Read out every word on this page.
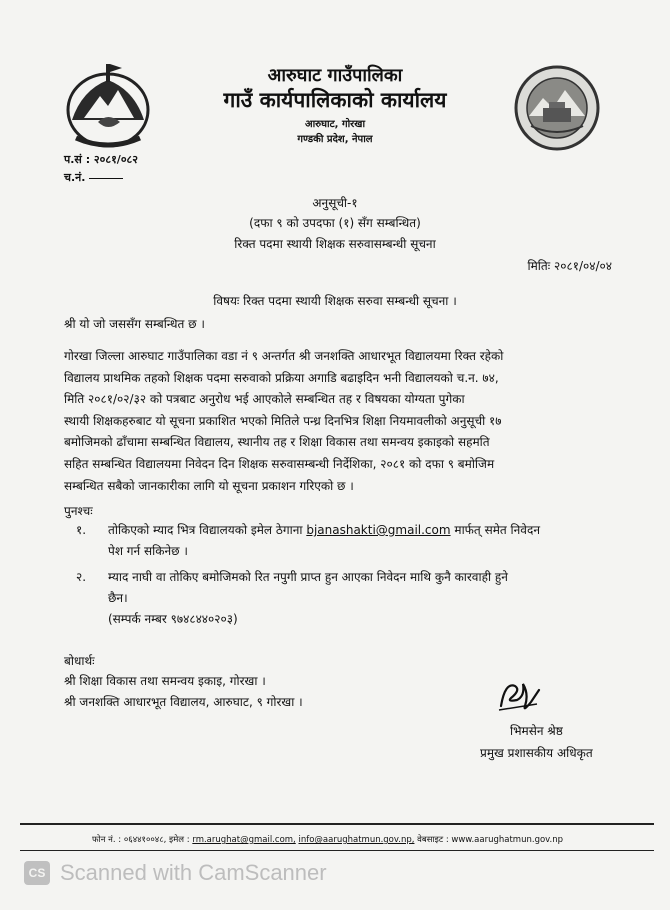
आरुघाट गाउँपालिका
गाउँ कार्यपालिकाको कार्यालय
आरुघाट, गोरखा
गण्डकी प्रदेश, नेपाल
प.सं : २०८१/०८२
च.नं.
अनुसूची-१
(दफा ९ को उपदफा (१) सँग सम्बन्धित)
रिक्त पदमा स्थायी शिक्षक सरुवासम्बन्धी सूचना
मितिः २०८१/०४/०४
विषयः रिक्त पदमा स्थायी शिक्षक सरुवा सम्बन्धी सूचना ।
श्री यो जो जससँग सम्बन्धित छ ।

गोरखा जिल्ला आरुघाट गाउँपालिका वडा नं ९ अन्तर्गत श्री जनशक्ति आधारभूत विद्यालयमा रिक्त रहेको

विद्यालय प्राथमिक तहको शिक्षक पदमा सरुवाको प्रक्रिया अगाडि बढाइदिन भनी विद्यालयको च.न. ७४,

मिति २०८१/०२/३२ को पत्रबाट अनुरोध भई आएकोले सम्बन्धित तह र विषयका योग्यता पुगेका

स्थायी शिक्षकहरुबाट यो सूचना प्रकाशित भएको मितिले पन्ध्र दिनभित्र शिक्षा नियमावलीको अनुसूची १७

बमोजिमको ढाँचामा सम्बन्धित विद्यालय, स्थानीय तह र शिक्षा विकास तथा समन्वय इकाइको सहमति

सहित सम्बन्धित विद्यालयमा निवेदन दिन शिक्षक सरुवासम्बन्धी निर्देशिका, २०८१ को दफा ९ बमोजिम

सम्बन्धित सबैको जानकारीका लागि यो सूचना प्रकाशन गरिएको छ ।

पुनश्चः
१. तोकिएको म्याद भित्र विद्यालयको इमेल ठेगाना bjanashakti@gmail.com मार्फत् समेत निवेदन
पेश गर्न सकिनेछ ।
२. म्याद नाघी वा तोकिए बमोजिमको रित नपुगी प्राप्त हुन आएका निवेदन माथि कुनै कारवाही हुने
छैन।
(सम्पर्क नम्बर ९७४८४४०२०३)
बोधार्थः
श्री शिक्षा विकास तथा समन्वय इकाइ, गोरखा ।
श्री जनशक्ति आधारभूत विद्यालय, आरुघाट, ९ गोरखा ।
भिमसेन श्रेष्ठ
प्रमुख प्रशासकीय अधिकृत
फोन नं. : ०६४४१००४८, इमेल : rm.arughat@gmail.com, info@aarughatmun.gov.np, वेबसाइट : www.aarughatmun.gov.np
CS Scanned with CamScanner
